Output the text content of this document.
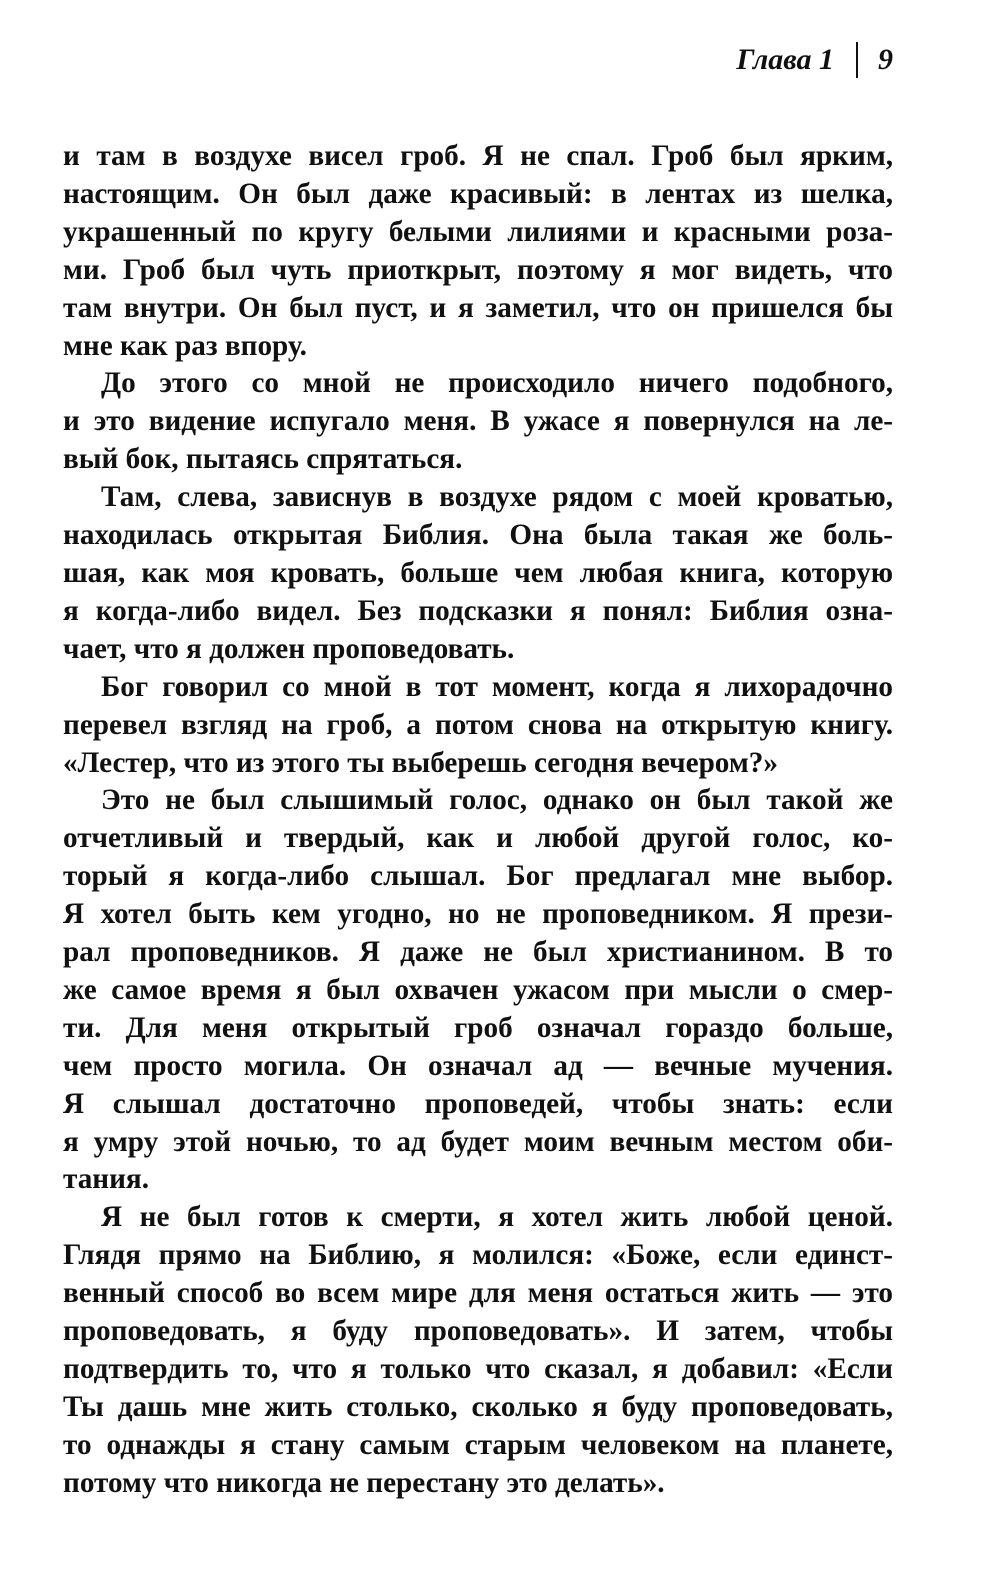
Глава 1 9
и там в воздухе висел гроб. Я не спал. Гроб был ярким,
настоящим. Он был даже красивый: в лентах из шелка,
украшенный по кругу белыми лилиями и красными роза-
ми. Гроб был чуть приоткрыт, поэтому я мог видеть, что
там внутри. Он был пуст, и я заметил, что он пришелся бы
мне как раз впору.
До этого со мной не происходило ничего подобного,
и это видение испугало меня. В ужасе я повернулся на ле-
вый бок, пытаясь спрятаться.
Там, слева, зависнув в воздухе рядом с моей кроватью,
находилась открытая Библия. Она была такая же боль-
шая, как моя кровать, больше чем любая книга, которую
я когда-либо видел. Без подсказки я понял: Библия озна-
чает, что я должен проповедовать.
Бог говорил со мной в тот момент, когда я лихорадочно
перевел взгляд на гроб, а потом снова на открытую книгу.
«Лестер, что из этого ты выберешь сегодня вечером?»
Это не был слышимый голос, однако он был такой же
отчетливый и твердый, как и любой другой голос, ко-
торый я когда-либо слышал. Бог предлагал мне выбор.
Я хотел быть кем угодно, но не проповедником. Я прези-
рал проповедников. Я даже не был христианином. В то
же самое время я был охвачен ужасом при мысли о смер-
ти. Для меня открытый гроб означал гораздо больше,
чем просто могила. Он означал ад — вечные мучения.
Я слышал достаточно проповедей, чтобы знать: если
я умру этой ночью, то ад будет моим вечным местом оби-
тания.
Я не был готов к смерти, я хотел жить любой ценой.
Глядя прямо на Библию, я молился: «Боже, если единст-
венный способ во всем мире для меня остаться жить — это
проповедовать, я буду проповедовать». И затем, чтобы
подтвердить то, что я только что сказал, я добавил: «Если
Ты дашь мне жить столько, сколько я буду проповедовать,
то однажды я стану самым старым человеком на планете,
потому что никогда не перестану это делать».
